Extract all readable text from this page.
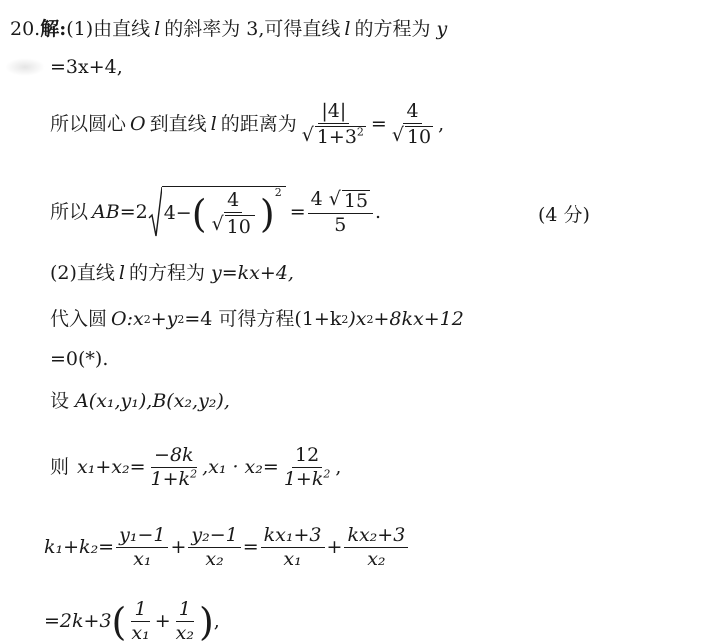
20. 解 : (1)由直线 l 的斜率为 3,可得直线 l 的方程为 y
=3x+4,
所以圆心 O 到直线 l 的距离为 $\frac{|4|}{√ 1+3^2} = \frac{4}{√ 10}$ ,
所以 AB =2 4− ( $\frac{4}{√ 10}$ ) 2
= $\frac{4 √ 15}{5}$ .	(4 分)
(2)直线 l 的方程为 y=kx+4,
代入圆 O:x 2 +y 2 =4 可得方程(1+k 2 )x 2 +8kx+12
=0(*).
设 A(x₁,y₁),B(x₂,y₂),
则 $x_1+x_2= \frac{-8k}{1+k^2} ,x_1 \cdot x_2= \frac{12}{1+k^2}$ ,
$k_1+k_2= \frac{\text{y₁−1}}{\text{x₁}} + \frac{\text{y₂−1}}{\text{x₂}} = \frac{\text{kx₁+3}}{\text{x₁}} + \frac{\text{kx₂+3}}{\text{x₂}}$
=2k+3 ( $\frac{1}{\text{x₁}} + \frac{1}{\text{x₂}}$ ) ,
